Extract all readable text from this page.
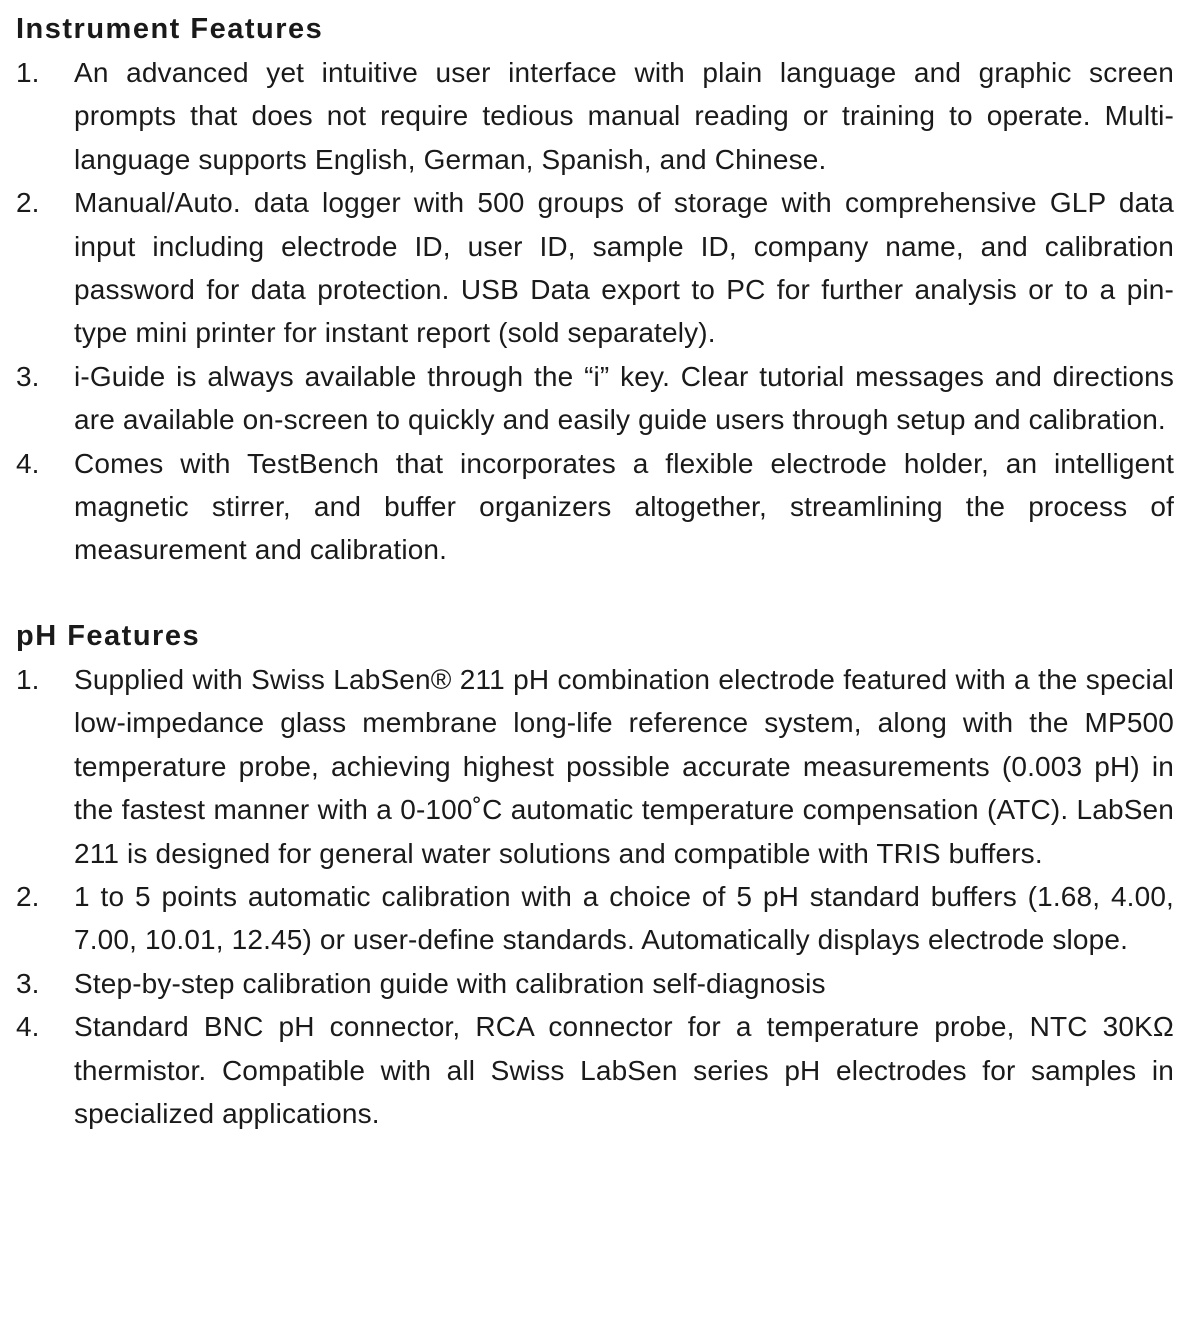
Instrument Features
1.	An advanced yet intuitive user interface with plain language and graphic screen prompts that does not require tedious manual reading or training to operate. Multi-language supports English, German, Spanish, and Chinese.
2.	Manual/Auto. data logger with 500 groups of storage with comprehensive GLP data input including electrode ID, user ID, sample ID, company name, and calibration password for data protection. USB Data export to PC for further analysis or to a pin-type mini printer for instant report (sold separately).
3.	i-Guide is always available through the “i” key. Clear tutorial messages and directions are available on-screen to quickly and easily guide users through setup and calibration.
4.	Comes with TestBench that incorporates a flexible electrode holder, an intelligent magnetic stirrer, and buffer organizers altogether, streamlining the process of measurement and calibration.
pH Features
1.	Supplied with Swiss LabSen® 211 pH combination electrode featured with a the special low-impedance glass membrane long-life reference system, along with the MP500 temperature probe, achieving highest possible accurate measurements (0.003 pH) in the fastest manner with a 0-100˚C automatic temperature compensation (ATC). LabSen 211 is designed for general water solutions and compatible with TRIS buffers.
2.	1 to 5 points automatic calibration with a choice of 5 pH standard buffers (1.68, 4.00, 7.00, 10.01, 12.45) or user-define standards. Automatically displays electrode slope.
3.	Step-by-step calibration guide with calibration self-diagnosis
4.	Standard BNC pH connector, RCA connector for a temperature probe, NTC 30KΩ thermistor. Compatible with all Swiss LabSen series pH electrodes for samples in specialized applications.
